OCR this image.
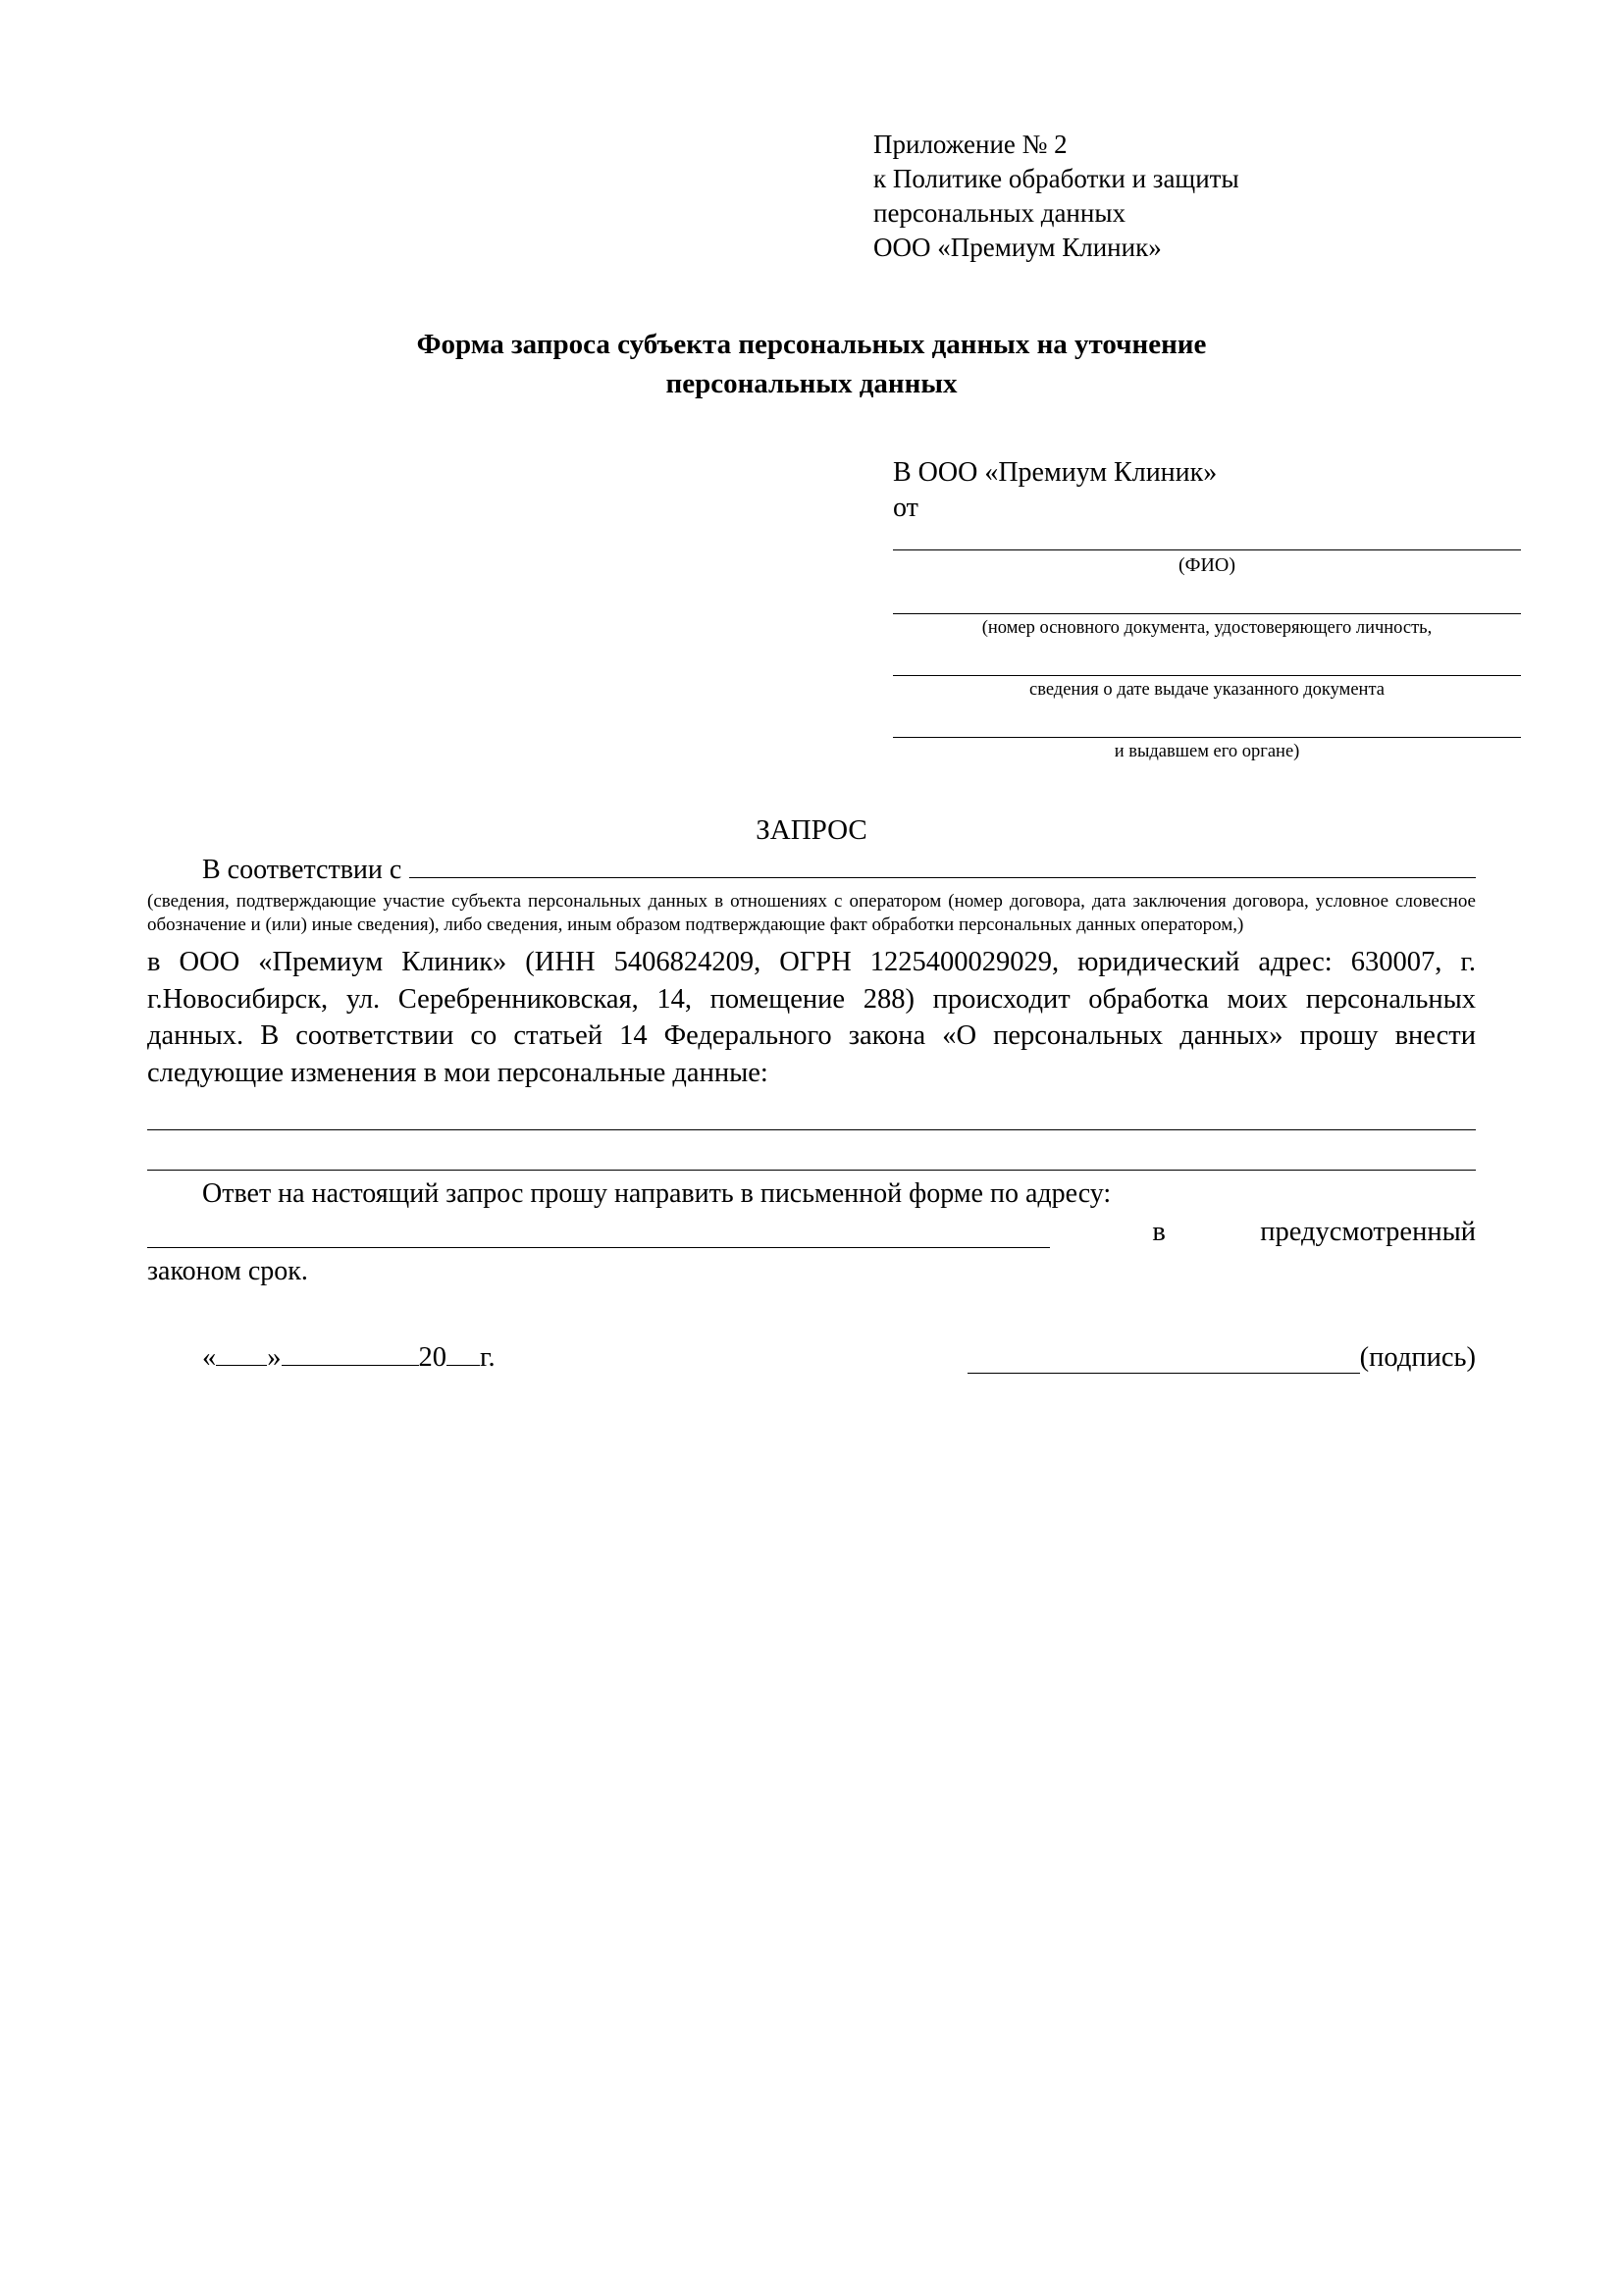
Приложение № 2
к Политике обработки и защиты
персональных данных
ООО «Премиум Клиник»
Форма запроса субъекта персональных данных на уточнение
персональных данных
В ООО «Премиум Клиник»
от
(ФИО)
(номер основного документа, удостоверяющего личность,
сведения о дате выдаче указанного документа
и выдавшем его органе)
ЗАПРОС
В соответствии с
(сведения, подтверждающие участие субъекта персональных данных в отношениях с оператором (номер договора, дата заключения договора, условное словесное обозначение и (или) иные сведения), либо сведения, иным образом подтверждающие факт обработки персональных данных оператором,)
в ООО «Премиум Клиник» (ИНН 5406824209, ОГРН 1225400029029, юридический адрес: 630007, г. г.Новосибирск, ул. Серебренниковская, 14, помещение 288) происходит обработка моих персональных данных. В соответствии со статьей 14 Федерального закона «О персональных данных» прошу внести следующие изменения в мои персональные данные:
Ответ на настоящий запрос прошу направить в письменной форме по адресу:
в	предусмотренный
законом срок.
« »	20 г.	(подпись)
